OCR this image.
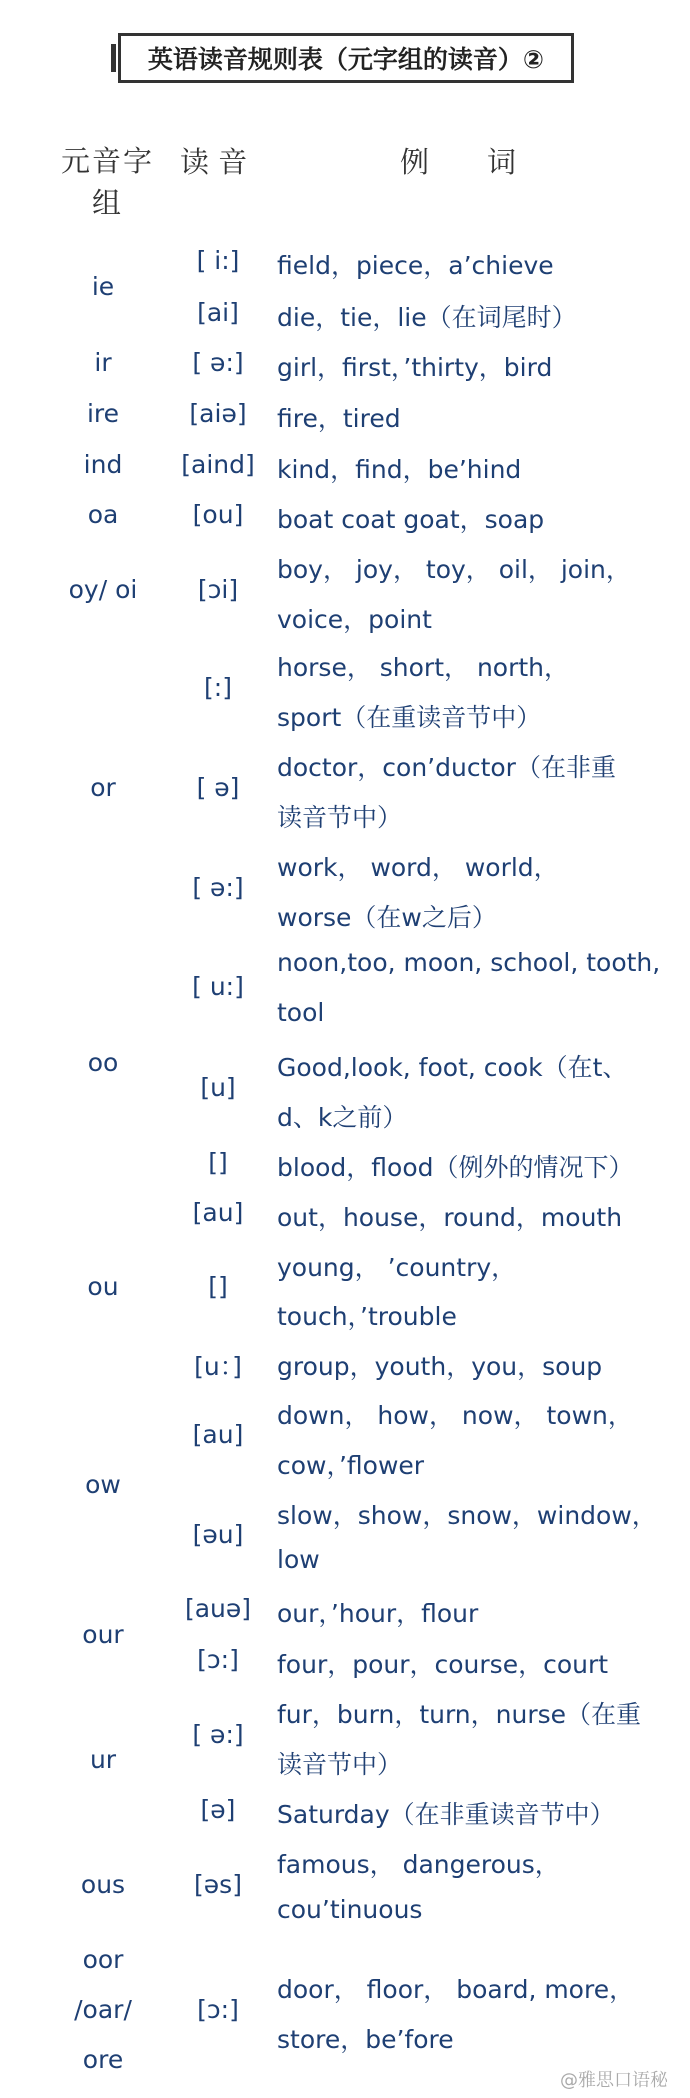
英语读音规则表（元字组的读音）②
元音字组
读 音	例　　词
ie
ir
ire
ind
oa
oy/ oi
or
oo
ou
ow
our
ur
ous
oor
/oar/
ore
[ i:]
[ai]
[ ə:]
[aiə]
[aind]
[ou]
[ɔi]
[:]
[ ə]
[ ə:]
[ u:]
[u]
[]
[au]
[]
[u：]
[au]
[əu]
[auə]
[ɔ:]
[ ə:]
[ə]
[əs]
[ɔ:]
field，piece，a’chieve
die，tie，lie（在词尾时）
girl，first，’thirty，bird
fire，tired
kind，find，be’hind
boat coat goat，soap
boy， joy， toy， oil， join，
voice，point
horse， short， north，
sport（在重读音节中）
doctor，con’ductor（在非重
读音节中）
work， word， world，
worse（在w之后）
noon,too, moon, school, tooth,
tool
Good,look, foot, cook（在t、
d、k之前）
blood，flood（例外的情况下）
out，house，round，mouth
young， ’country，
touch，’trouble
group，youth，you，soup
down， how， now， town，
cow，’flower
slow，show，snow，window，
low
our，’hour，flour
four，pour，course，court
fur，burn，turn，nurse（在重
读音节中）
Saturday（在非重读音节中）
famous， dangerous，
cou’tinuous
door， floor， board, more，
store，be’fore
@雅思口语秘
